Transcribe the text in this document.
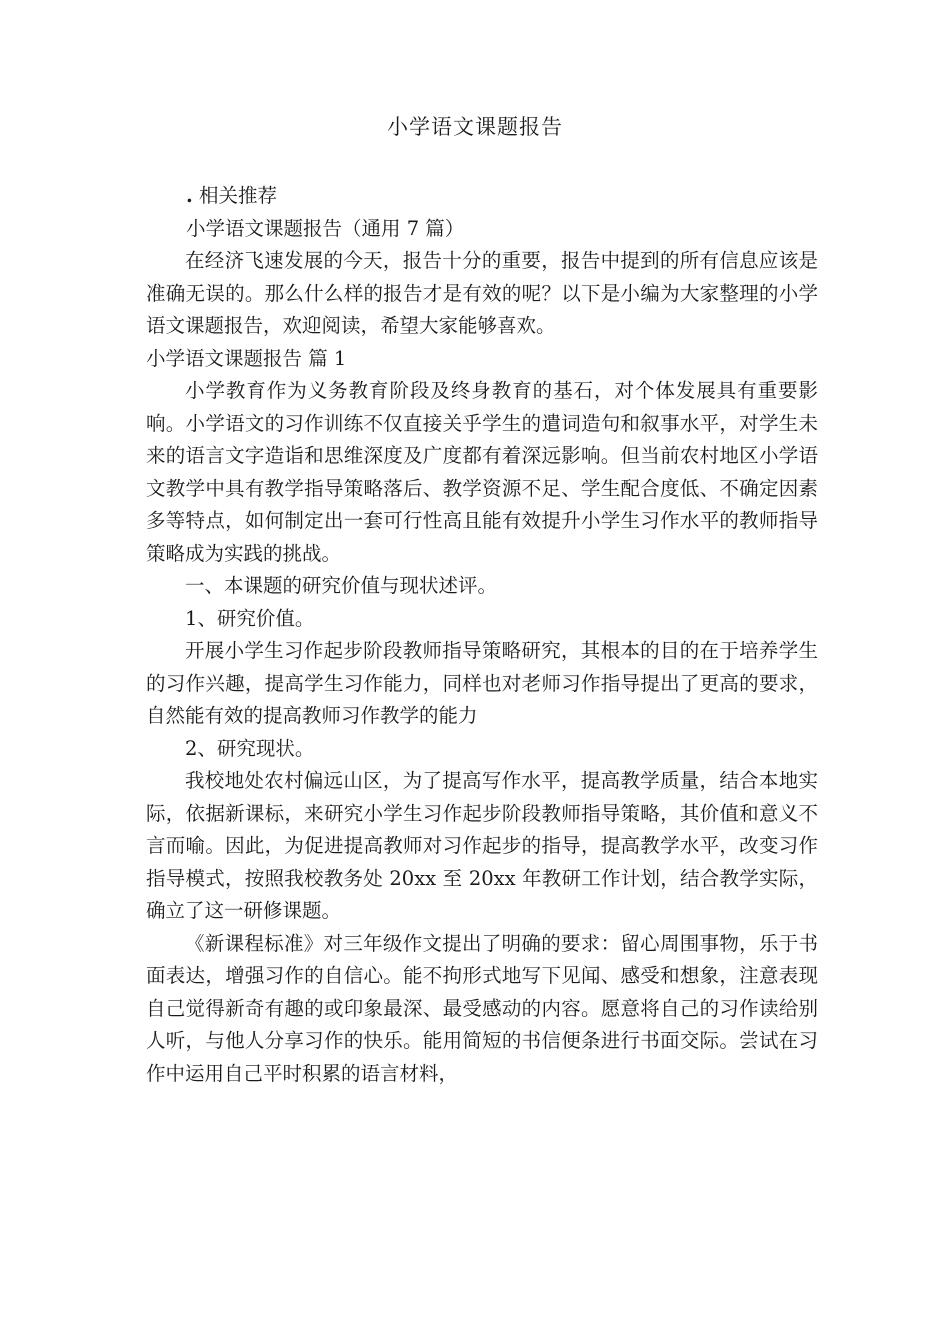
小学语文课题报告

. 相关推荐

小学语文课题报告（通用 7 篇）

在经济飞速发展的今天，报告十分的重要，报告中提到的所有信息应该是准确无误的。那么什么样的报告才是有效的呢？以下是小编为大家整理的小学语文课题报告，欢迎阅读，希望大家能够喜欢。

小学语文课题报告 篇 1

小学教育作为义务教育阶段及终身教育的基石，对个体发展具有重要影响。小学语文的习作训练不仅直接关乎学生的遣词造句和叙事水平，对学生未来的语言文字造诣和思维深度及广度都有着深远影响。但当前农村地区小学语文教学中具有教学指导策略落后、教学资源不足、学生配合度低、不确定因素多等特点，如何制定出一套可行性高且能有效提升小学生习作水平的教师指导策略成为实践的挑战。

一、本课题的研究价值与现状述评。

1、研究价值。

开展小学生习作起步阶段教师指导策略研究，其根本的目的在于培养学生的习作兴趣，提高学生习作能力，同样也对老师习作指导提出了更高的要求，自然能有效的提高教师习作教学的能力

2、研究现状。

我校地处农村偏远山区，为了提高写作水平，提高教学质量，结合本地实际，依据新课标，来研究小学生习作起步阶段教师指导策略，其价值和意义不言而喻。因此，为促进提高教师对习作起步的指导，提高教学水平，改变习作指导模式，按照我校教务处 20xx 至 20xx 年教研工作计划，结合教学实际，确立了这一研修课题。

《新课程标准》对三年级作文提出了明确的要求：留心周围事物，乐于书面表达，增强习作的自信心。能不拘形式地写下见闻、感受和想象，注意表现自己觉得新奇有趣的或印象最深、最受感动的内容。愿意将自己的习作读给别人听，与他人分享习作的快乐。能用简短的书信便条进行书面交际。尝试在习作中运用自己平时积累的语言材料，
